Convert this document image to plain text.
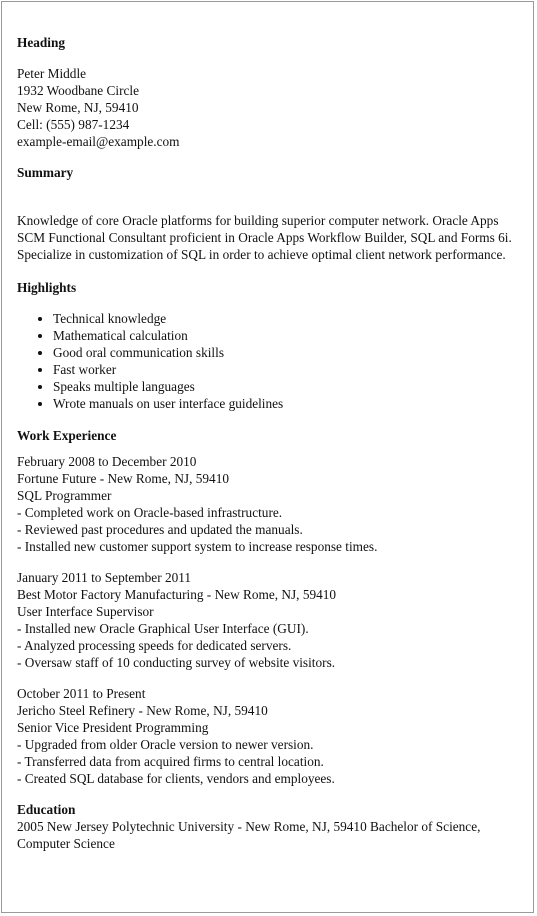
Heading

Peter Middle
1932 Woodbane Circle
New Rome, NJ, 59410
Cell: (555) 987-1234
example-email@example.com

Summary

Knowledge of core Oracle platforms for building superior computer network. Oracle Apps SCM Functional Consultant proficient in Oracle Apps Workflow Builder, SQL and Forms 6i. Specialize in customization of SQL in order to achieve optimal client network performance.

Highlights

• Technical knowledge
• Mathematical calculation
• Good oral communication skills
• Fast worker
• Speaks multiple languages
• Wrote manuals on user interface guidelines

Work Experience

February 2008 to December 2010
Fortune Future - New Rome, NJ, 59410
SQL Programmer
- Completed work on Oracle-based infrastructure.
- Reviewed past procedures and updated the manuals.
- Installed new customer support system to increase response times.
January 2011 to September 2011
Best Motor Factory Manufacturing - New Rome, NJ, 59410
User Interface Supervisor
- Installed new Oracle Graphical User Interface (GUI).
- Analyzed processing speeds for dedicated servers.
- Oversaw staff of 10 conducting survey of website visitors.
October 2011 to Present
Jericho Steel Refinery - New Rome, NJ, 59410
Senior Vice President Programming
- Upgraded from older Oracle version to newer version.
- Transferred data from acquired firms to central location.
- Created SQL database for clients, vendors and employees.

Education

2005 New Jersey Polytechnic University - New Rome, NJ, 59410 Bachelor of Science, Computer Science
